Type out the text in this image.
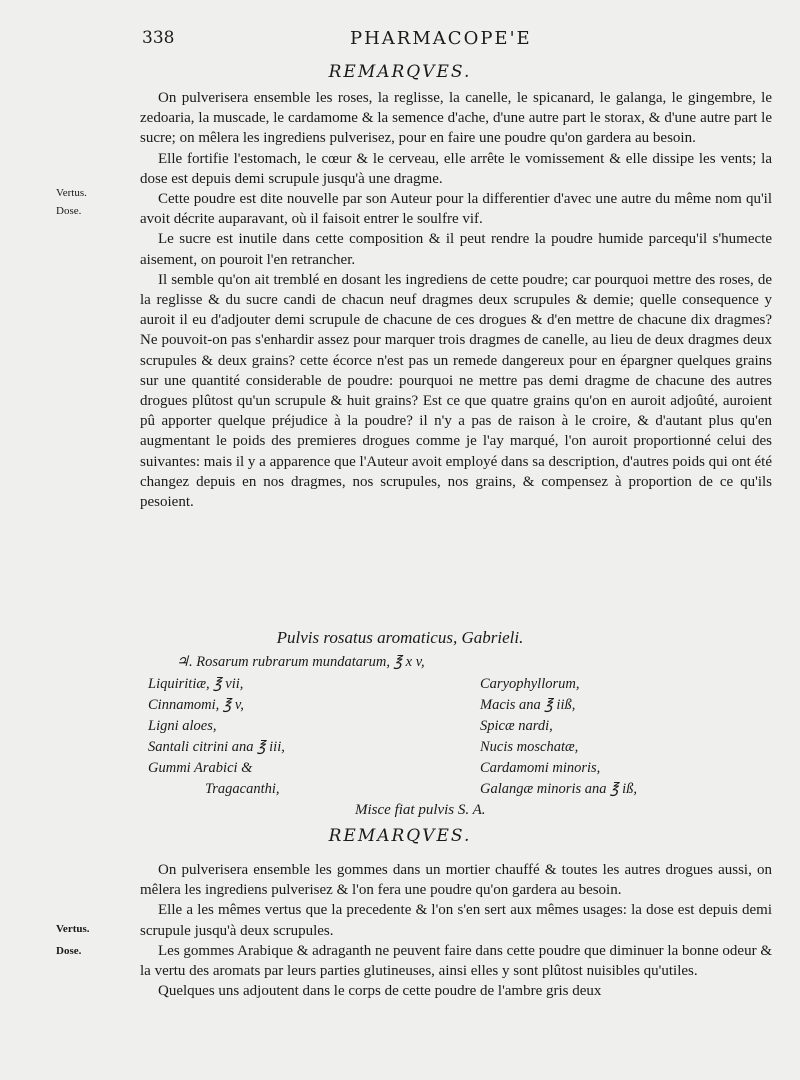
338	PHARMACOPE'E
REMARQVES.

On pulverisera ensemble les roses, la reglisse, la canelle, le spicanard, le galanga, le gingembre, le zedoaria, la muscade, le cardamome & la semence d'ache, d'une autre part le storax, & d'une autre part le sucre; on mêlera les ingrediens pulverisez, pour en faire une poudre qu'on gardera au besoin.

Elle fortifie l'estomach, le cœur & le cerveau, elle arrête le vomissement & elle dissipe les vents; la dose est depuis demi scrupule jusqu'à une dragme.

Cette poudre est dite nouvelle par son Auteur pour la differentier d'avec une autre du même nom qu'il avoit décrite auparavant, où il faisoit entrer le soulfre vif.

Le sucre est inutile dans cette composition & il peut rendre la poudre humide parcequ'il s'humecte aisement, on pouroit l'en retrancher.

Il semble qu'on ait tremblé en dosant les ingrediens de cette poudre; car pourquoi mettre des roses, de la reglisse & du sucre candi de chacun neuf dragmes deux scrupules & demie; quelle consequence y auroit il eu d'adjouter demi scrupule de chacune de ces drogues & d'en mettre de chacune dix dragmes? Ne pouvoit-on pas s'enhardir assez pour marquer trois dragmes de canelle, au lieu de deux dragmes deux scrupules & deux grains? cette écorce n'est pas un remede dangereux pour en épargner quelques grains sur une quantité considerable de poudre: pourquoi ne mettre pas demi dragme de chacune des autres drogues plûtost qu'un scrupule & huit grains? Est ce que quatre grains qu'on en auroit adjoûté, auroient pû apporter quelque préjudice à la poudre? il n'y a pas de raison à le croire, & d'autant plus qu'en augmentant le poids des premieres drogues comme je l'ay marqué, l'on auroit proportionné celui des suivantes: mais il y a apparence que l'Auteur avoit employé dans sa description, d'autres poids qui ont été changez depuis en nos dragmes, nos scrupules, nos grains, & compensez à proportion de ce qu'ils pesoient.

Vertus.
Dose.
Pulvis rosatus aromaticus, Gabrieli.
♃. Rosarum rubrarum mundatarum, ℥ x v,
Liquiritiæ, ℥ vii,
Cinnamomi, ℥ v,
Ligni aloes,
Santali citrini ana ℥ iii,
Gummi Arabici &
Tragacanthi,
Caryophyllorum,
Macis ana ℥ iiß,
Spicæ nardi,
Nucis moschatæ,
Cardamomi minoris,
Galangæ minoris ana ℥ iß,
Misce fiat pulvis S. A.
REMARQVES.

On pulverisera ensemble les gommes dans un mortier chauffé & toutes les autres drogues aussi, on mêlera les ingrediens pulverisez & l'on fera une poudre qu'on gardera au besoin.

Elle a les mêmes vertus que la precedente & l'on s'en sert aux mêmes usages: la dose est depuis demi scrupule jusqu'à deux scrupules.

Les gommes Arabique & adraganth ne peuvent faire dans cette poudre que diminuer la bonne odeur & la vertu des aromats par leurs parties glutineuses, ainsi elles y sont plûtost nuisibles qu'utiles.

Quelques uns adjoutent dans le corps de cette poudre de l'ambre gris deux

Vertus.
Dose.
